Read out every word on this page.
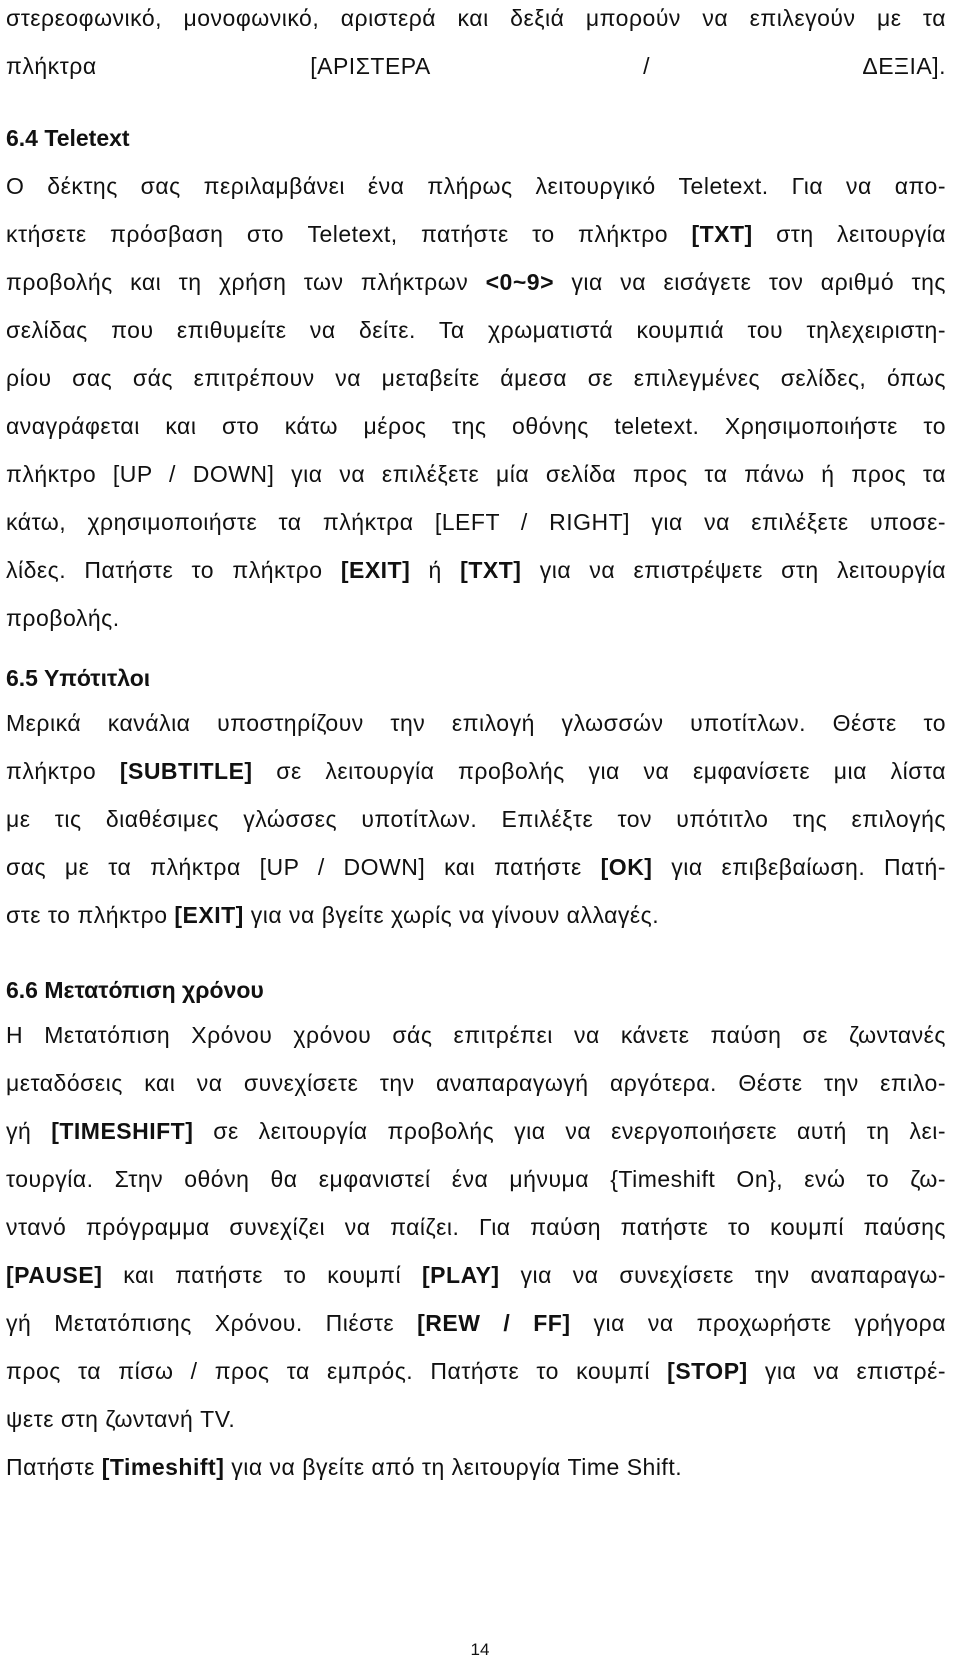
στερεοφωνικό, μονοφωνικό, αριστερά και δεξιά μπορούν να επιλεγούν με τα
πλήκτρα [ΑΡΙΣΤΕΡΑ / ΔΕΞΙΑ].
6.4 Teletext
Ο δέκτης σας περιλαμβάνει ένα πλήρως λειτουργικό Teletext. Για να απο-
κτήσετε πρόσβαση στο Teletext, πατήστε το πλήκτρο [TXT] στη λειτουργία
προβολής και τη χρήση των πλήκτρων <0~9> για να εισάγετε τον αριθμό της
σελίδας που επιθυμείτε να δείτε. Τα χρωματιστά κουμπιά του τηλεχειριστη-
ρίου σας σάς επιτρέπουν να μεταβείτε άμεσα σε επιλεγμένες σελίδες, όπως
αναγράφεται και στο κάτω μέρος της οθόνης teletext. Χρησιμοποιήστε το
πλήκτρο [UP / DOWN] για να επιλέξετε μία σελίδα προς τα πάνω ή προς τα
κάτω, χρησιμοποιήστε τα πλήκτρα [LEFT / RIGHT] για να επιλέξετε υποσε-
λίδες. Πατήστε το πλήκτρο [EXIT] ή [TXT] για να επιστρέψετε στη λειτουργία
προβολής.
6.5 Υπότιτλοι
Μερικά κανάλια υποστηρίζουν την επιλογή γλωσσών υποτίτλων. Θέστε το
πλήκτρο [SUBTITLE] σε λειτουργία προβολής για να εμφανίσετε μια λίστα
με τις διαθέσιμες γλώσσες υποτίτλων. Επιλέξτε τον υπότιτλο της επιλογής
σας με τα πλήκτρα [UP / DOWN] και πατήστε [OK] για επιβεβαίωση. Πατή-
στε το πλήκτρο [EXIT] για να βγείτε χωρίς να γίνουν αλλαγές.
6.6 Μετατόπιση χρόνου
Η Μετατόπιση Χρόνου χρόνου σάς επιτρέπει να κάνετε παύση σε ζωντανές
μεταδόσεις και να συνεχίσετε την αναπαραγωγή αργότερα. Θέστε την επιλο-
γή [TIMESHIFT] σε λειτουργία προβολής για να ενεργοποιήσετε αυτή τη λει-
τουργία. Στην οθόνη θα εμφανιστεί ένα μήνυμα {Timeshift On}, ενώ το ζω-
ντανό πρόγραμμα συνεχίζει να παίζει. Για παύση πατήστε το κουμπί παύσης
[PAUSE] και πατήστε το κουμπί [PLAY] για να συνεχίσετε την αναπαραγω-
γή Μετατόπισης Χρόνου. Πιέστε [REW / FF] για να προχωρήστε γρήγορα
προς τα πίσω / προς τα εμπρός. Πατήστε το κουμπί [STOP] για να επιστρέ-
ψετε στη ζωντανή TV.
Πατήστε [Timeshift] για να βγείτε από τη λειτουργία Time Shift.
14
